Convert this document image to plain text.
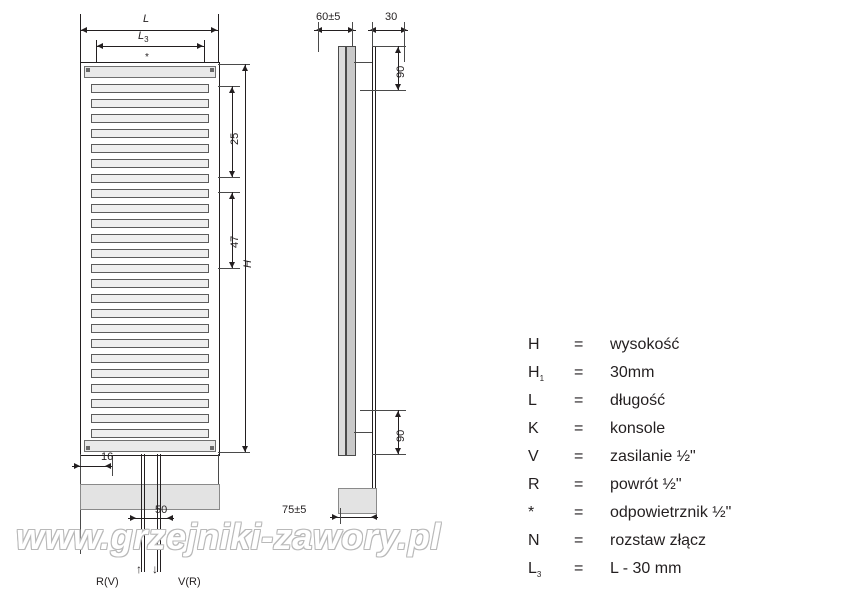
L
$L_3$
*
25
47
H
16
50
↑ ↓
R(V)	V(R)
60±5	30
90
90
75±5
H	=	wysokość
$H_1$	=	30mm
L	=	długość
K	=	konsole
V	=	zasilanie ½"
R	=	powrót ½"
*	=	odpowietrznik ½"
N	=	rozstaw złącz
$L_3$	=	L - 30 mm
www.grzejniki-zawory.pl
